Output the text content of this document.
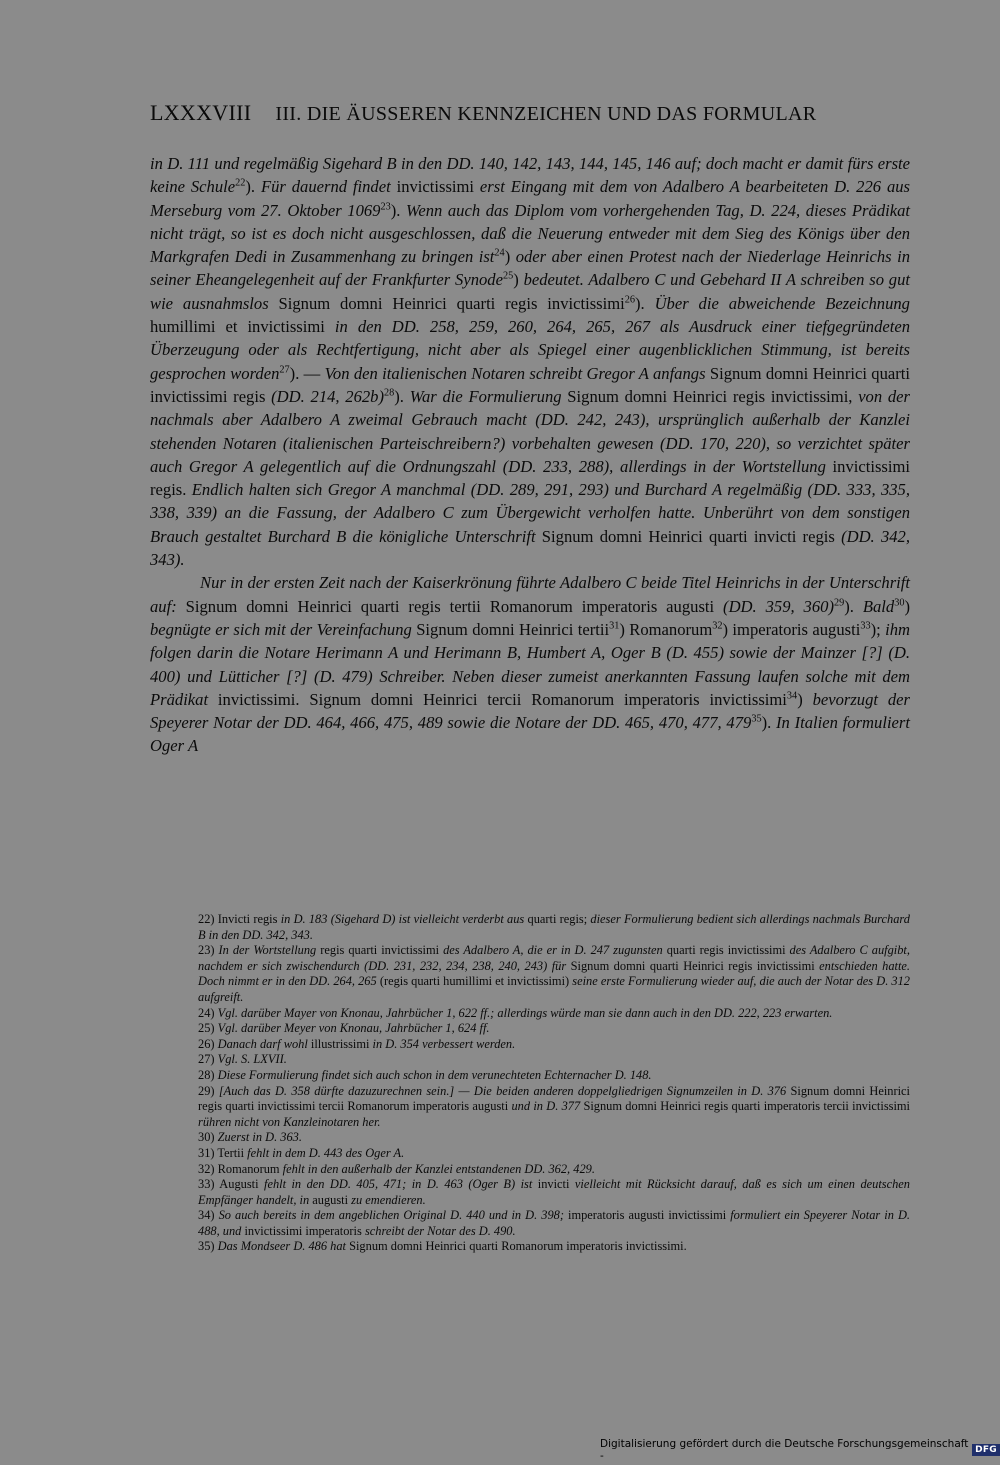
LXXXVIII III. DIE ÄUSSEREN KENNZEICHEN UND DAS FORMULAR

in D. 111 und regelmäßig Sigehard B in den DD. 140, 142, 143, 144, 145, 146 auf; doch macht er damit fürs erste keine Schule$^{22}$). Für dauernd findet invictissimi erst Eingang mit dem von Adalbero A bearbeiteten D. 226 aus Merseburg vom 27. Oktober 1069$^{23}$). Wenn auch das Diplom vom vorhergehenden Tag, D. 224, dieses Prädikat nicht trägt, so ist es doch nicht ausgeschlossen, daß die Neuerung entweder mit dem Sieg des Königs über den Markgrafen Dedi in Zusammenhang zu bringen ist$^{24}$) oder aber einen Protest nach der Niederlage Heinrichs in seiner Eheangelegenheit auf der Frankfurter Synode$^{25}$) bedeutet. Adalbero C und Gebehard II A schreiben so gut wie ausnahmslos Signum domni Heinrici quarti regis invictissimi$^{26}$). Über die abweichende Bezeichnung humillimi et invictissimi in den DD. 258, 259, 260, 264, 265, 267 als Ausdruck einer tiefgegründeten Überzeugung oder als Rechtfertigung, nicht aber als Spiegel einer augenblicklichen Stimmung, ist bereits gesprochen worden$^{27}$). — Von den italienischen Notaren schreibt Gregor A anfangs Signum domni Heinrici quarti invictissimi regis (DD. 214, 262b)$^{28}$). War die Formulierung Signum domni Heinrici regis invictissimi, von der nachmals aber Adalbero A zweimal Gebrauch macht (DD. 242, 243), ursprünglich außerhalb der Kanzlei stehenden Notaren (italienischen Parteischreibern?) vorbehalten gewesen (DD. 170, 220), so verzichtet später auch Gregor A gelegentlich auf die Ordnungszahl (DD. 233, 288), allerdings in der Wortstellung invictissimi regis. Endlich halten sich Gregor A manchmal (DD. 289, 291, 293) und Burchard A regelmäßig (DD. 333, 335, 338, 339) an die Fassung, der Adalbero C zum Übergewicht verholfen hatte. Unberührt von dem sonstigen Brauch gestaltet Burchard B die königliche Unterschrift Signum domni Heinrici quarti invicti regis (DD. 342, 343).

Nur in der ersten Zeit nach der Kaiserkrönung führte Adalbero C beide Titel Heinrichs in der Unterschrift auf: Signum domni Heinrici quarti regis tertii Romanorum imperatoris augusti (DD. 359, 360)$^{29}$). Bald$^{30}$) begnügte er sich mit der Vereinfachung Signum domni Heinrici tertii$^{31}$) Romanorum$^{32}$) imperatoris augusti$^{33}$); ihm folgen darin die Notare Herimann A und Herimann B, Humbert A, Oger B (D. 455) sowie der Mainzer [?] (D. 400) und Lütticher [?] (D. 479) Schreiber. Neben dieser zumeist anerkannten Fassung laufen solche mit dem Prädikat invictissimi. Signum domni Heinrici tercii Romanorum imperatoris invictissimi$^{34}$) bevorzugt der Speyerer Notar der DD. 464, 466, 475, 489 sowie die Notare der DD. 465, 470, 477, $479^{35}$). In Italien formuliert Oger A

22) Invicti regis in D. 183 (Sigehard D) ist vielleicht verderbt aus quarti regis; dieser Formulierung bedient sich allerdings nachmals Burchard B in den DD. 342, 343.

23) In der Wortstellung regis quarti invictissimi des Adalbero A, die er in D. 247 zugunsten quarti regis invictissimi des Adalbero C aufgibt, nachdem er sich zwischendurch (DD. 231, 232, 234, 238, 240, 243) für Signum domni quarti Heinrici regis invictissimi entschieden hatte. Doch nimmt er in den DD. 264, 265 (regis quarti humillimi et invictissimi) seine erste Formulierung wieder auf, die auch der Notar des D. 312 aufgreift.

24) Vgl. darüber Mayer von Knonau, Jahrbücher 1, 622 ff.; allerdings würde man sie dann auch in den DD. 222, 223 erwarten.

25) Vgl. darüber Meyer von Knonau, Jahrbücher 1, 624 ff.

26) Danach darf wohl illustrissimi in D. 354 verbessert werden.

27) Vgl. S. LXVII.

28) Diese Formulierung findet sich auch schon in dem verunechteten Echternacher D. 148.

29) [Auch das D. 358 dürfte dazuzurechnen sein.] — Die beiden anderen doppelgliedrigen Signumzeilen in D. 376 Signum domni Heinrici regis quarti invictissimi tercii Romanorum imperatoris augusti und in D. 377 Signum domni Heinrici regis quarti imperatoris tercii invictissimi rühren nicht von Kanzleinotaren her.

30) Zuerst in D. 363.

31) Tertii fehlt in dem D. 443 des Oger A.

32) Romanorum fehlt in den außerhalb der Kanzlei entstandenen DD. 362, 429.

33) Augusti fehlt in den DD. 405, 471; in D. 463 (Oger B) ist invicti vielleicht mit Rücksicht darauf, daß es sich um einen deutschen Empfänger handelt, in augusti zu emendieren.

34) So auch bereits in dem angeblichen Original D. 440 und in D. 398; imperatoris augusti invictissimi formuliert ein Speyerer Notar in D. 488, und invictissimi imperatoris schreibt der Notar des D. 490.

35) Das Mondseer D. 486 hat Signum domni Heinrici quarti Romanorum imperatoris invictissimi.

Digitalisierung gefördert durch die Deutsche Forschungsgemeinschaft -	DFG
